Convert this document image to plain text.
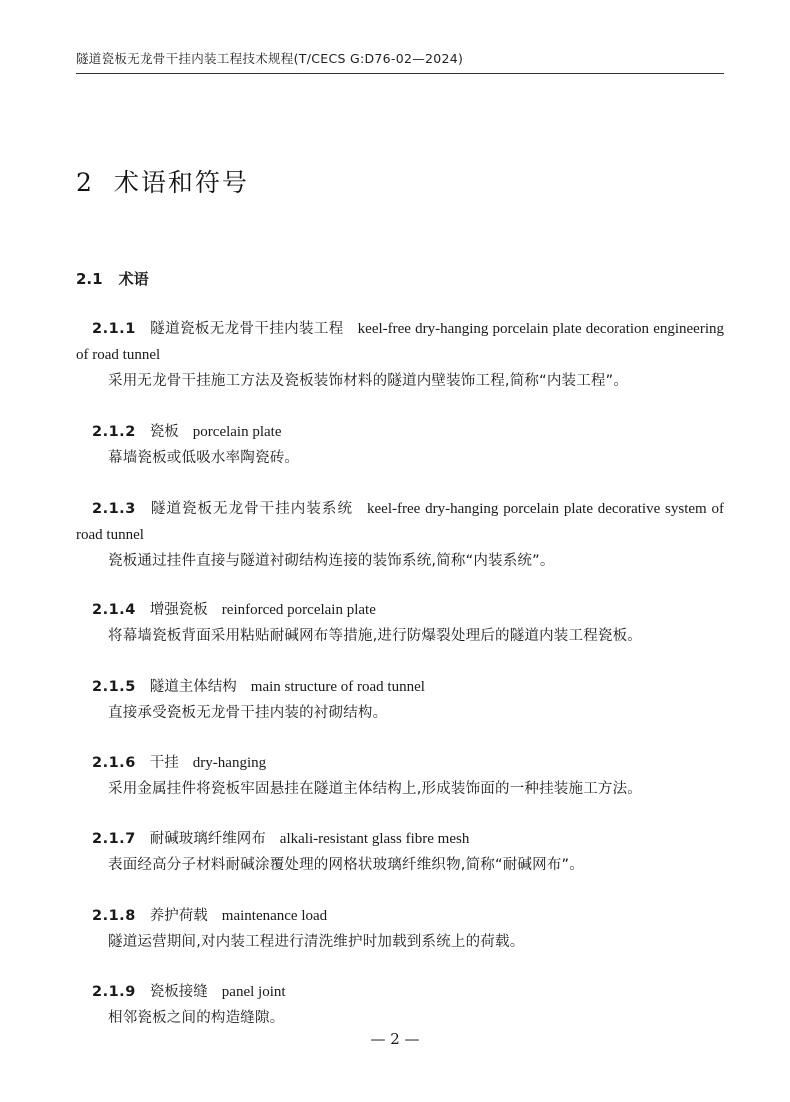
隧道瓷板无龙骨干挂内装工程技术规程(T/CECS G:D76-02—2024)
2 术语和符号
2.1 术语
2.1.1 隧道瓷板无龙骨干挂内装工程 keel-free dry-hanging porcelain plate decoration engineering of road tunnel
采用无龙骨干挂施工方法及瓷板装饰材料的隧道内壁装饰工程,简称“内装工程”。
2.1.2 瓷板 porcelain plate
幕墙瓷板或低吸水率陶瓷砖。
2.1.3 隧道瓷板无龙骨干挂内装系统 keel-free dry-hanging porcelain plate decorative system of road tunnel
瓷板通过挂件直接与隧道衬砌结构连接的装饰系统,简称“内装系统”。
2.1.4 增强瓷板 reinforced porcelain plate
将幕墙瓷板背面采用粘贴耐碱网布等措施,进行防爆裂处理后的隧道内装工程瓷板。
2.1.5 隧道主体结构 main structure of road tunnel
直接承受瓷板无龙骨干挂内装的衬砌结构。
2.1.6 干挂 dry-hanging
采用金属挂件将瓷板牢固悬挂在隧道主体结构上,形成装饰面的一种挂装施工方法。
2.1.7 耐碱玻璃纤维网布 alkali-resistant glass fibre mesh
表面经高分子材料耐碱涂覆处理的网格状玻璃纤维织物,简称“耐碱网布”。
2.1.8 养护荷载 maintenance load
隧道运营期间,对内装工程进行清洗维护时加载到系统上的荷载。
2.1.9 瓷板接缝 panel joint
相邻瓷板之间的构造缝隙。
— 2 —
